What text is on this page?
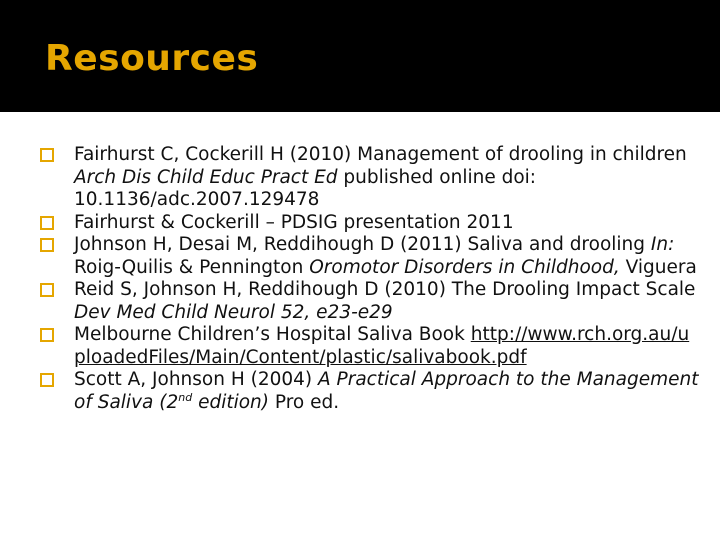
Resources
Fairhurst C, Cockerill H (2010) Management of drooling in children Arch Dis Child Educ Pract Ed published online doi: 10.1136/adc.2007.129478
Fairhurst & Cockerill – PDSIG presentation 2011
Johnson H, Desai M, Reddihough D (2011) Saliva and drooling In: Roig-Quilis & Pennington Oromotor Disorders in Childhood, Viguera
Reid S, Johnson H, Reddihough D (2010) The Drooling Impact Scale Dev Med Child Neurol 52, e23-e29
Melbourne Children’s Hospital Saliva Book http://www.rch.org.au/uploadedFiles/Main/Content/plastic/salivabook.pdf
Scott A, Johnson H (2004) A Practical Approach to the Management of Saliva (2nd edition) Pro ed.
